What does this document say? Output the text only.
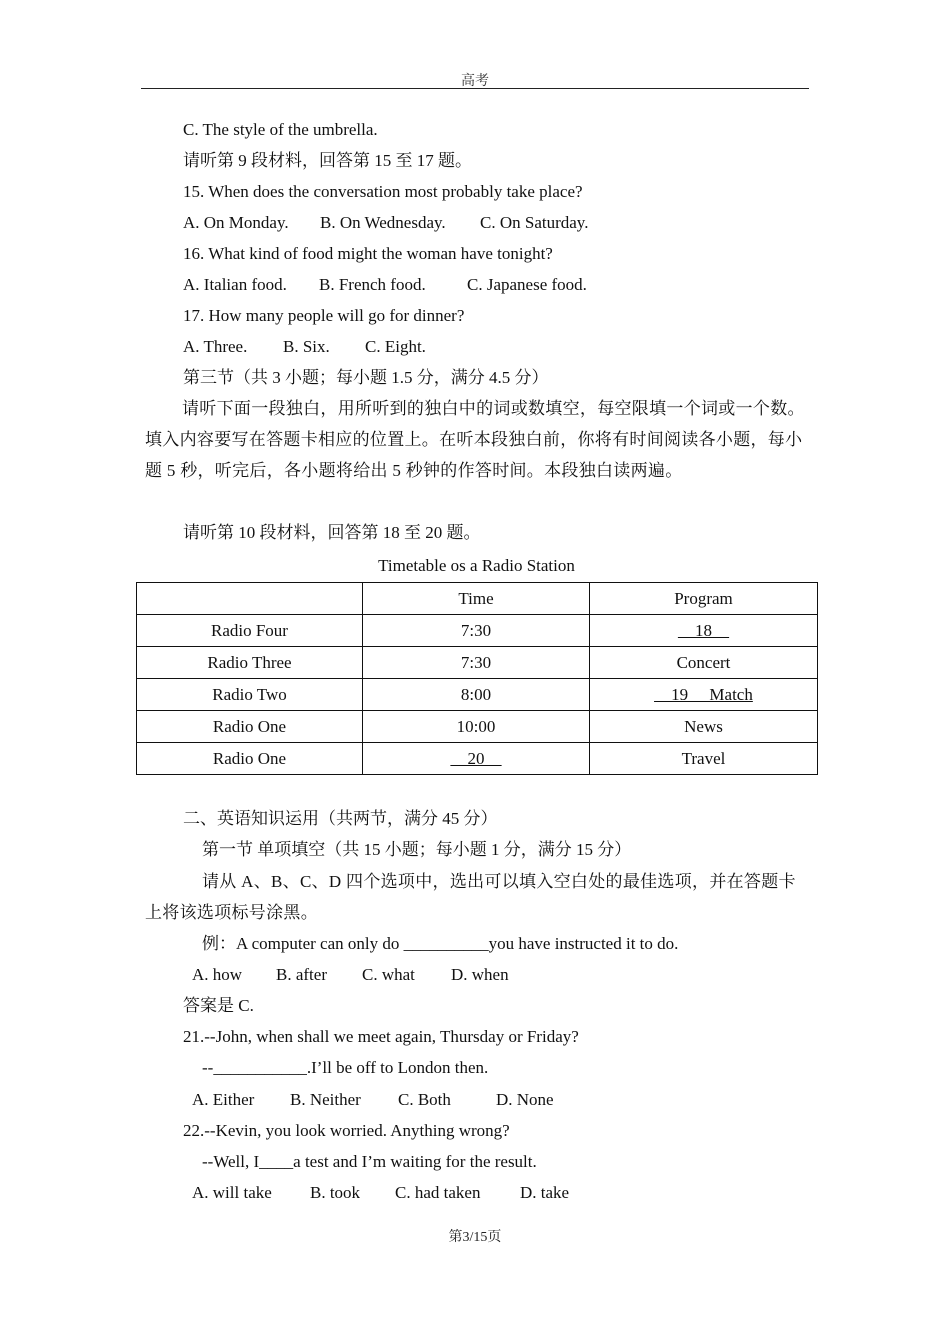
高考
C. The style of the umbrella.
请听第 9 段材料，回答第 15 至 17 题。
15. When does the conversation most probably take place?
A. On Monday. B. On Wednesday. C. On Saturday.
16. What kind of food might the woman have tonight?
A. Italian food. B. French food. C. Japanese food.
17. How many people will go for dinner?
A. Three. B. Six. C. Eight.
第三节（共 3 小题；每小题 1.5 分，满分 4.5 分）
请听下面一段独白，用所听到的独白中的词或数填空，每空限填一个词或一个数。填入内容要写在答题卡相应的位置上。在听本段独白前，你将有时间阅读各小题，每小题 5 秒，听完后，各小题将给出 5 秒钟的作答时间。本段独白读两遍。
请听第 10 段材料，回答第 18 至 20 题。
Timetable os a Radio Station
	Time	Program
Radio Four	7:30	__18__
Radio Three	7:30	Concert
Radio Two	8:00	__19__ Match
Radio One	10:00	News
Radio One	__20__	Travel
二、英语知识运用（共两节，满分 45 分）
第一节 单项填空（共 15 小题；每小题 1 分，满分 15 分）
请从 A、B、C、D 四个选项中，选出可以填入空白处的最佳选项，并在答题卡上将该选项标号涂黑。
例：A computer can only do __________you have instructed it to do.
A. how B. after C. what D. when
答案是 C.
21.--John, when shall we meet again, Thursday or Friday?
--___________.I’ll be off to London then.
A. Either B. Neither C. Both	D. None
22.--Kevin, you look worried. Anything wrong?
--Well, I____a test and I’m waiting for the result.
A. will take B. took C. had taken D. take
第3/15页
